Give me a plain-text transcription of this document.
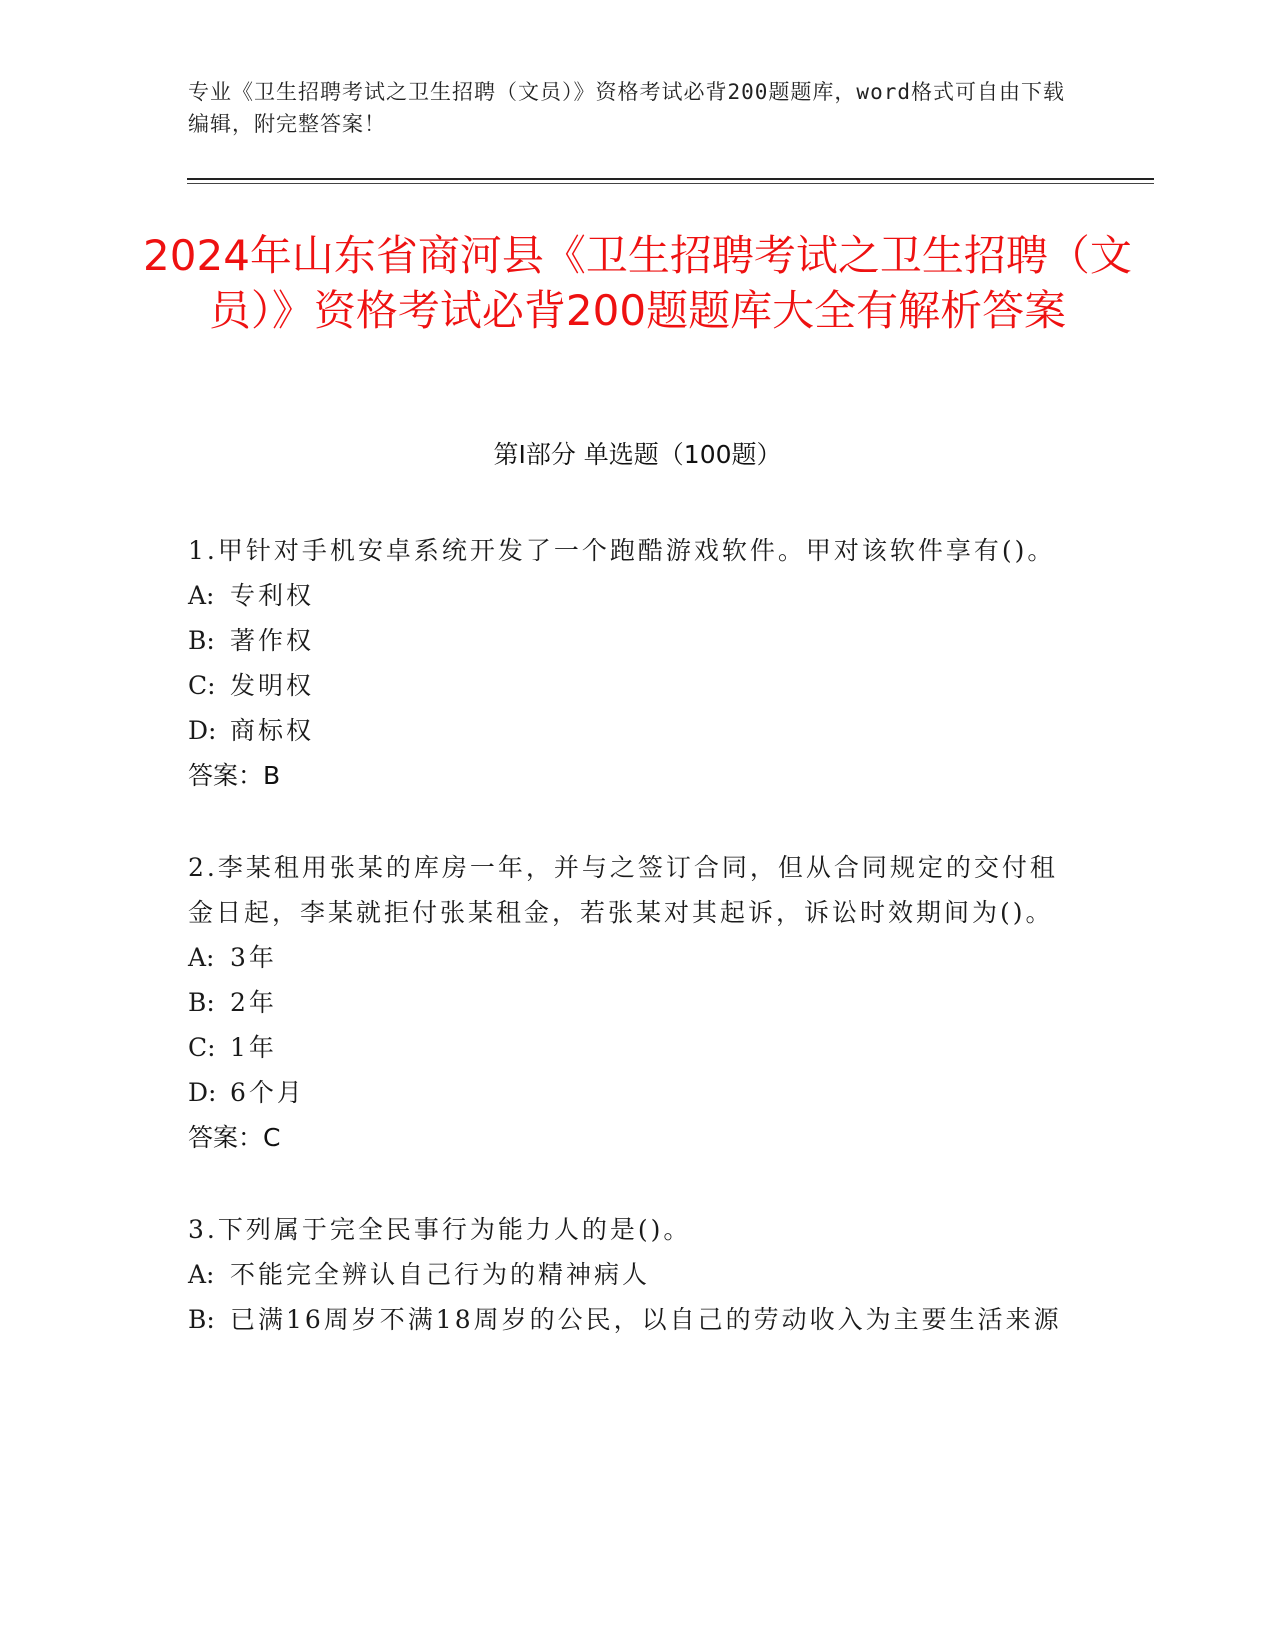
专业《卫生招聘考试之卫生招聘（文员）》资格考试必背200题题库，word格式可自由下载编辑，附完整答案！
2024年山东省商河县《卫生招聘考试之卫生招聘（文员）》资格考试必背200题题库大全有解析答案
第Ⅰ部分 单选题（100题）

1.甲针对手机安卓系统开发了一个跑酷游戏软件。甲对该软件享有()。

A: 专利权
B: 著作权
C: 发明权
D: 商标权
答案：B

2.李某租用张某的库房一年，并与之签订合同，但从合同规定的交付租金日起，李某就拒付张某租金，若张某对其起诉，诉讼时效期间为()。

A: 3年
B: 2年
C: 1年
D: 6个月
答案：C

3.下列属于完全民事行为能力人的是()。

A: 不能完全辨认自己行为的精神病人
B: 已满16周岁不满18周岁的公民，以自己的劳动收入为主要生活来源
